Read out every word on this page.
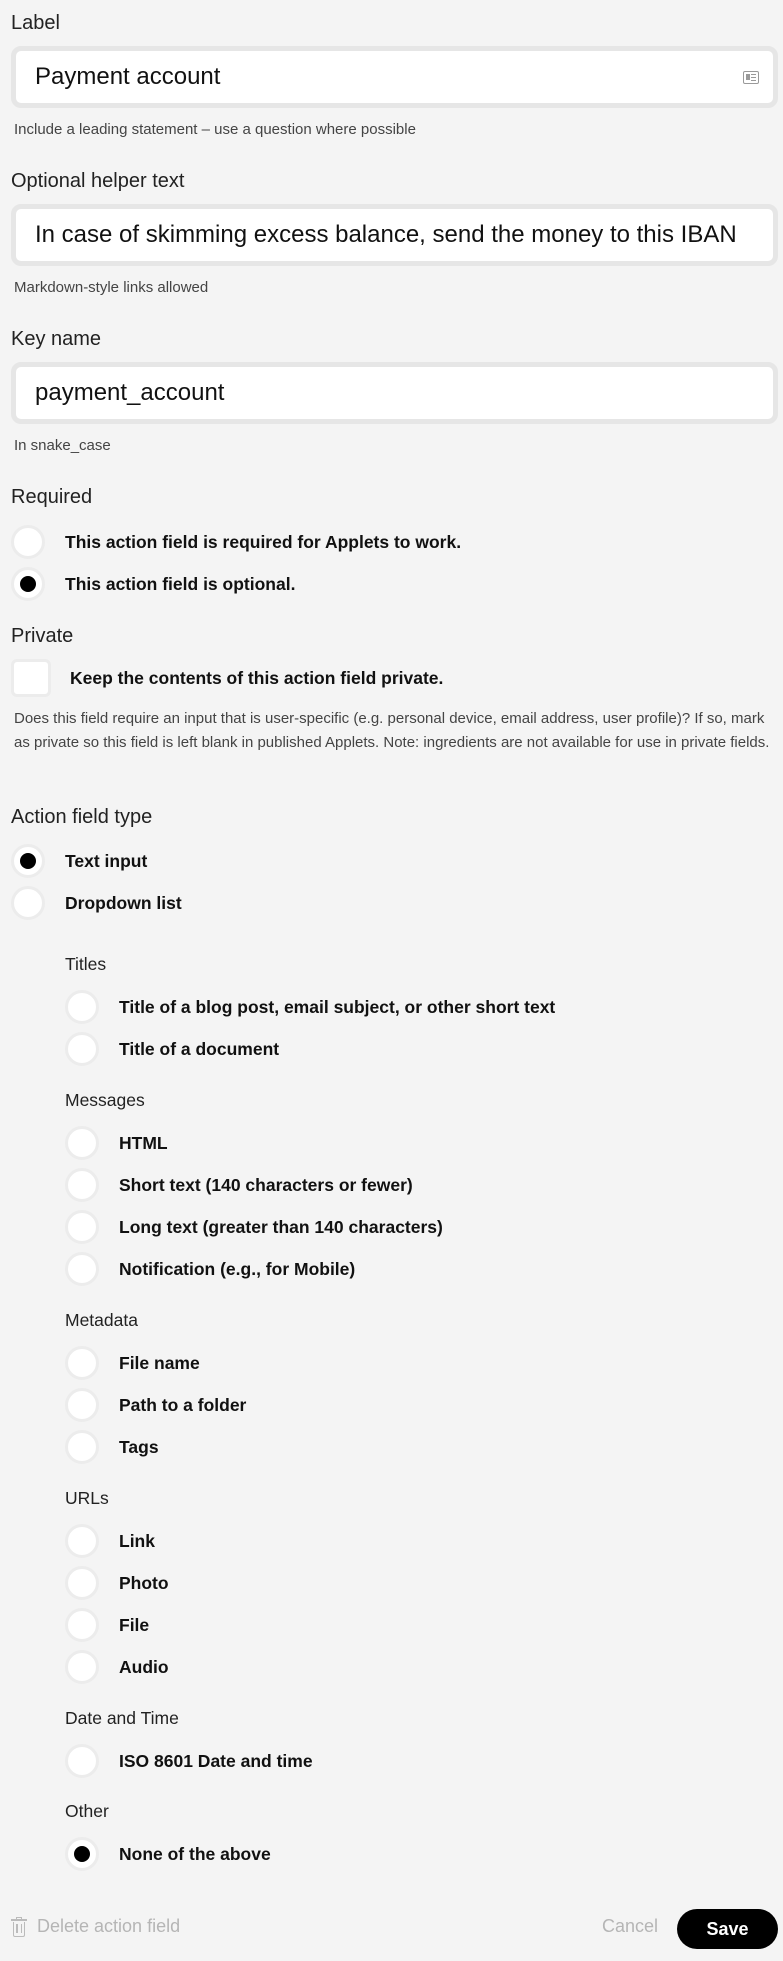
Label
Payment account
Include a leading statement – use a question where possible
Optional helper text
In case of skimming excess balance, send the money to this IBAN
Markdown-style links allowed
Key name
payment_account
In snake_case
Required
This action field is required for Applets to work.
This action field is optional.
Private
Keep the contents of this action field private.
Does this field require an input that is user-specific (e.g. personal device, email address, user profile)? If so, mark as private so this field is left blank in published Applets. Note: ingredients are not available for use in private fields.
Action field type
Text input
Dropdown list
Titles
Title of a blog post, email subject, or other short text
Title of a document
Messages
HTML
Short text (140 characters or fewer)
Long text (greater than 140 characters)
Notification (e.g., for Mobile)
Metadata
File name
Path to a folder
Tags
URLs
Link
Photo
File
Audio
Date and Time
ISO 8601 Date and time
Other
None of the above
Delete action field	Cancel	Save
